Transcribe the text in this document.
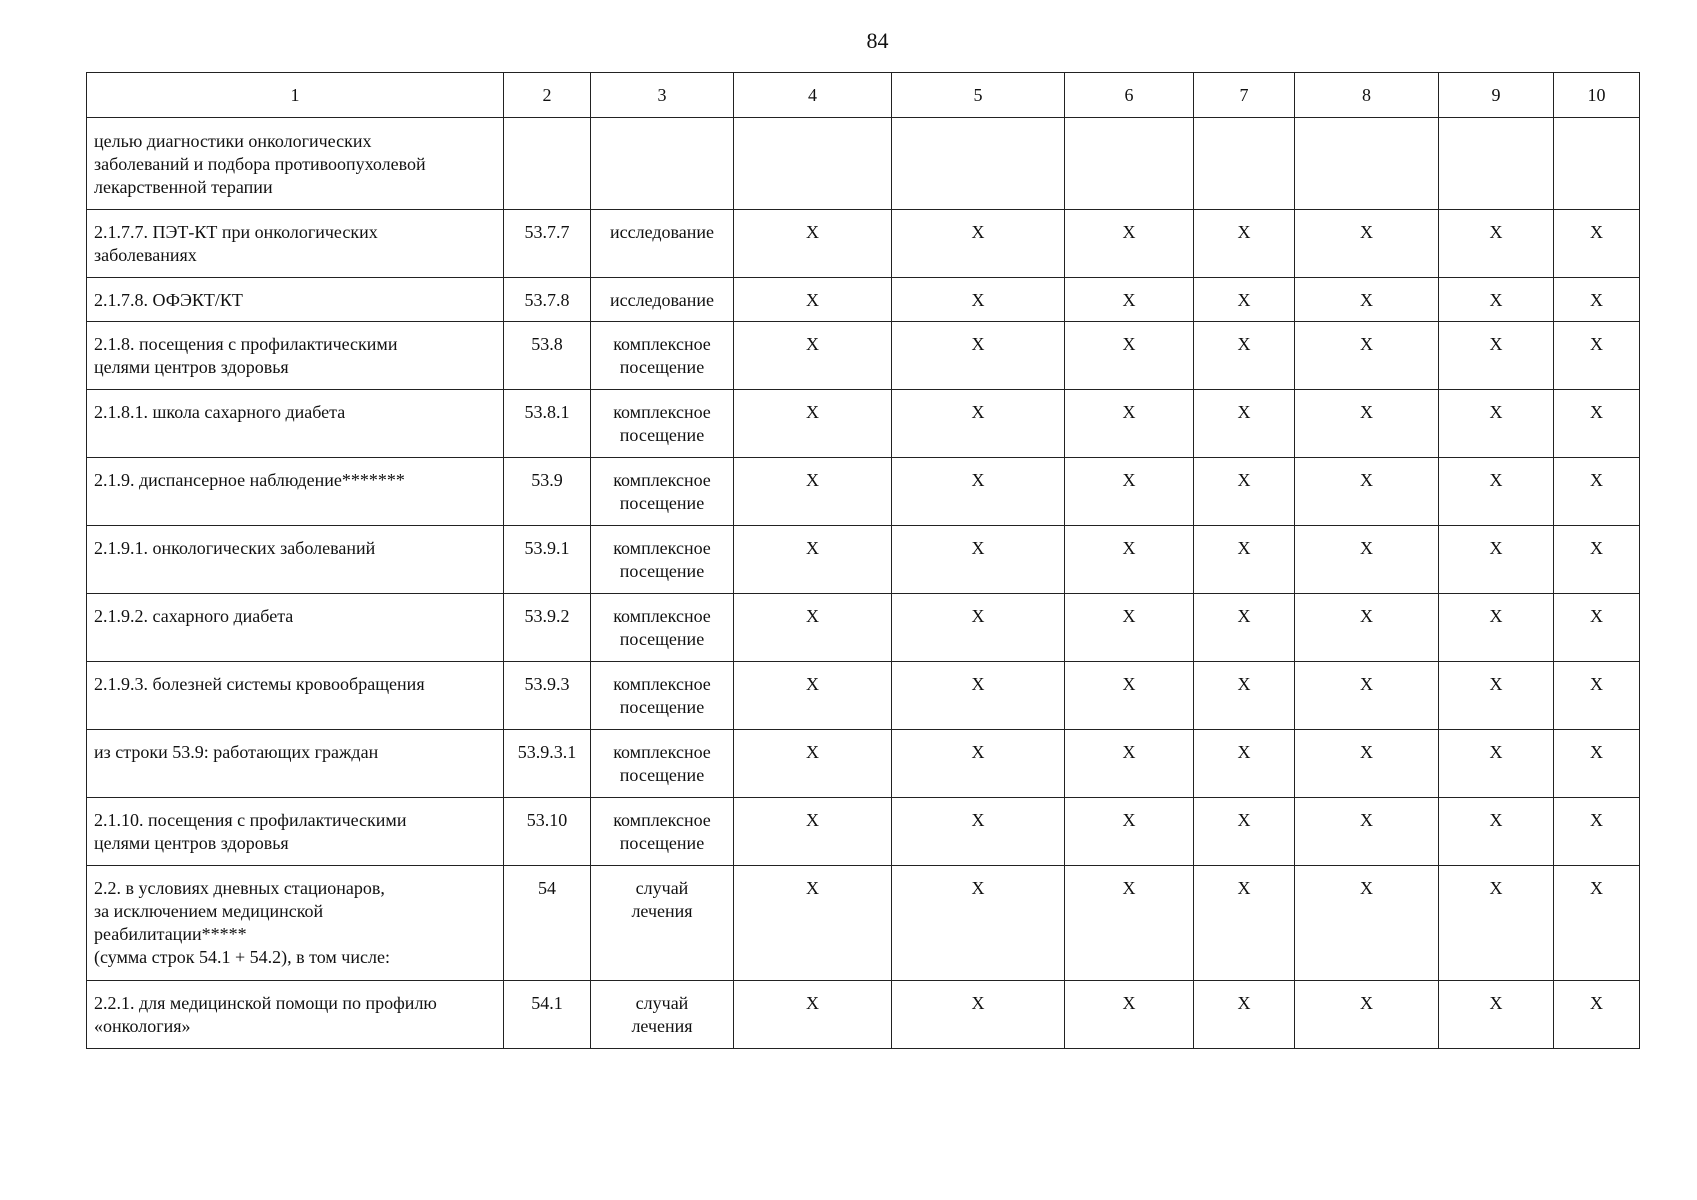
84
1	2	3	4	5	6	7	8	9	10

целью диагностики онкологических
заболеваний и подбора противоопухолевой
лекарственной терапии									

2.1.7.7. ПЭТ-КТ при онкологических
заболеваниях	53.7.7	исследование	X	X	X	X	X	X	X

2.1.7.8. ОФЭКТ/КТ	53.7.8	исследование	X	X	X	X	X	X	X

2.1.8. посещения с профилактическими
целями центров здоровья	53.8	комплексное
посещение	X	X	X	X	X	X	X

2.1.8.1. школа сахарного диабета	53.8.1	комплексное
посещение	X	X	X	X	X	X	X

2.1.9. диспансерное наблюдение*******	53.9	комплексное
посещение	X	X	X	X	X	X	X

2.1.9.1. онкологических заболеваний	53.9.1	комплексное
посещение	X	X	X	X	X	X	X

2.1.9.2. сахарного диабета	53.9.2	комплексное
посещение	X	X	X	X	X	X	X

2.1.9.3. болезней системы кровообращения	53.9.3	комплексное
посещение	X	X	X	X	X	X	X

из строки 53.9: работающих граждан	53.9.3.1	комплексное
посещение	X	X	X	X	X	X	X

2.1.10. посещения с профилактическими
целями центров здоровья	53.10	комплексное
посещение	X	X	X	X	X	X	X

2.2. в условиях дневных стационаров,
за исключением медицинской
реабилитации*****
(сумма строк 54.1 + 54.2), в том числе:	54	случай
лечения	X	X	X	X	X	X	X

2.2.1. для медицинской помощи по профилю
«онкология»	54.1	случай
лечения	X	X	X	X	X	X	X
